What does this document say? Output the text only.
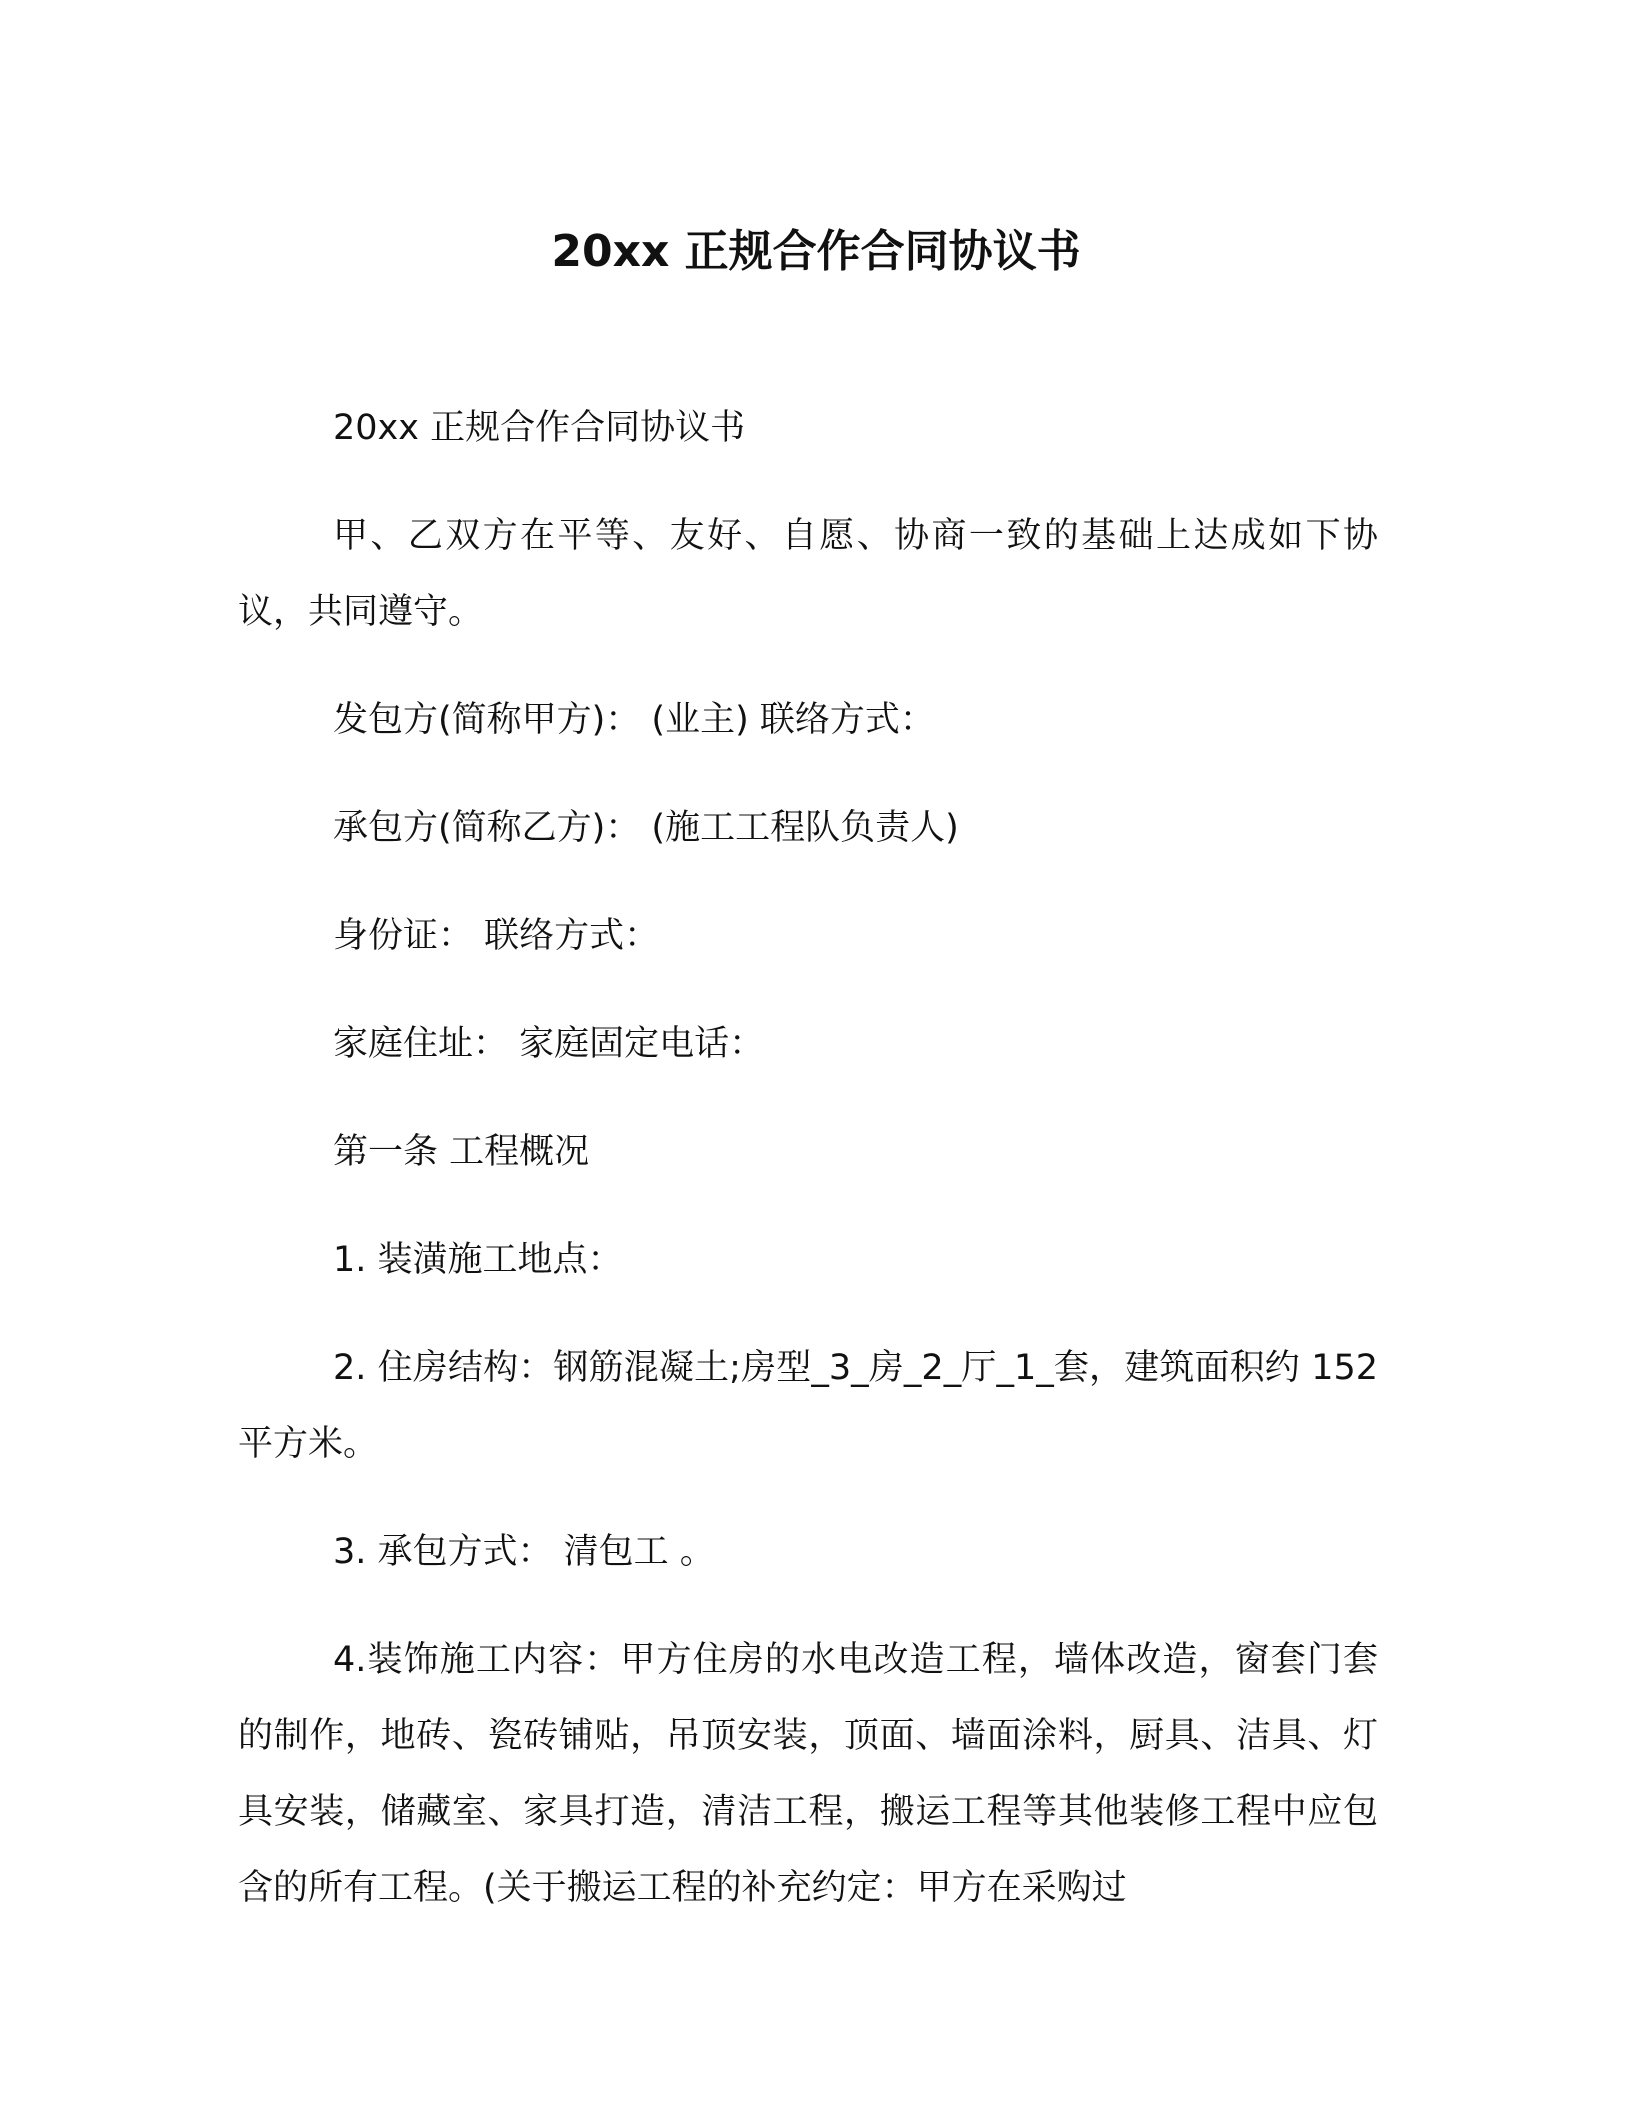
20xx 正规合作合同协议书

20xx 正规合作合同协议书

甲、乙双方在平等、友好、自愿、协商一致的基础上达成如下协议，共同遵守。

发包方(简称甲方)： (业主) 联络方式：

承包方(简称乙方)： (施工工程队负责人)

身份证： 联络方式：

家庭住址： 家庭固定电话：

第一条 工程概况

1. 装潢施工地点：

2. 住房结构：钢筋混凝土;房型_3_房_2_厅_1_套，建筑面积约 152 平方米。

3. 承包方式： 清包工 。

4.装饰施工内容：甲方住房的水电改造工程，墙体改造，窗套门套的制作，地砖、瓷砖铺贴，吊顶安装，顶面、墙面涂料，厨具、洁具、灯具安装，储藏室、家具打造，清洁工程，搬运工程等其他装修工程中应包含的所有工程。(关于搬运工程的补充约定：甲方在采购过
